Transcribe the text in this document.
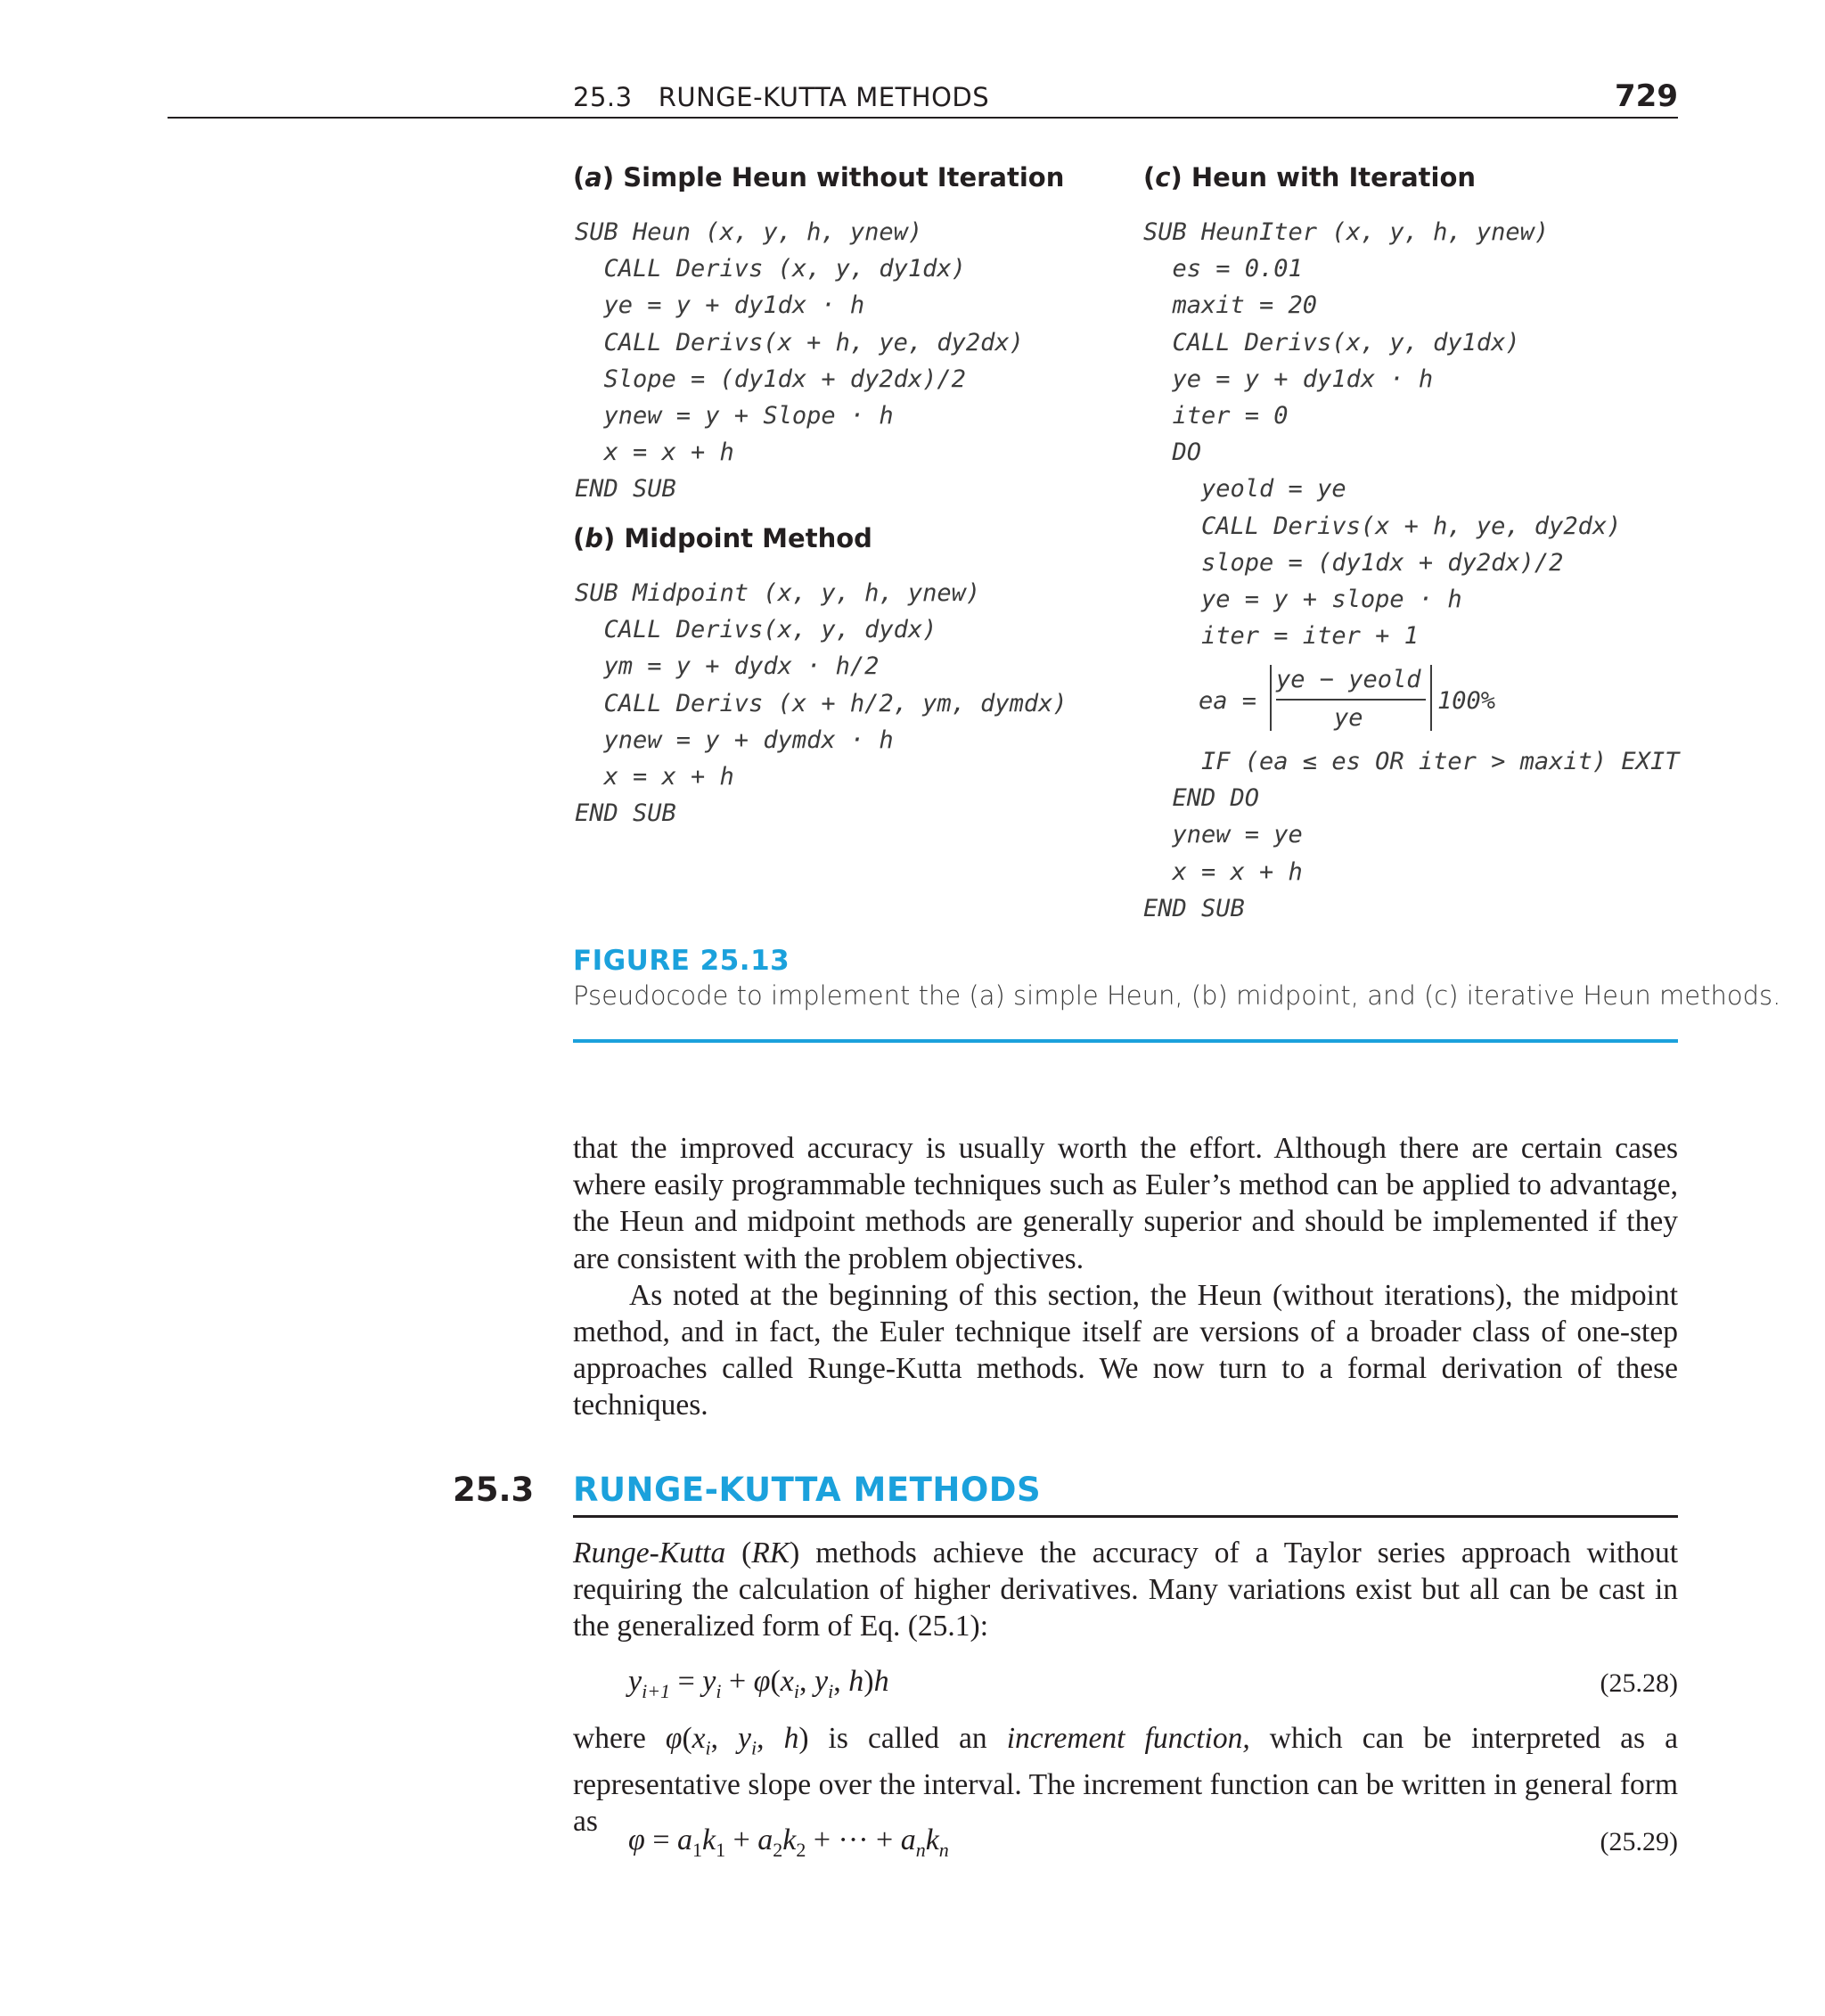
25.3   RUNGE-KUTTA METHODS	729
(a) Simple Heun without Iteration
SUB Heun (x, y, h, ynew)
CALL Derivs (x, y, dy1dx)
ye = y + dy1dx · h
CALL Derivs(x + h, ye, dy2dx)
Slope = (dy1dx + dy2dx)/2
ynew = y + Slope · h
x = x + h
END SUB
(b) Midpoint Method
SUB Midpoint (x, y, h, ynew)
CALL Derivs(x, y, dydx)
ym = y + dydx · h/2
CALL Derivs (x + h/2, ym, dymdx)
ynew = y + dymdx · h
x = x + h
END SUB
(c) Heun with Iteration
SUB HeunIter (x, y, h, ynew)
es = 0.01
maxit = 20
CALL Derivs(x, y, dy1dx)
ye = y + dy1dx · h
iter = 0
DO
yeold = ye
CALL Derivs(x + h, ye, dy2dx)
slope = (dy1dx + dy2dx)/2
ye = y + slope · h
iter = iter + 1
ea =
ye − yeold
ye
100%
IF (ea ≤ es OR iter > maxit) EXIT
END DO
ynew = ye
x = x + h
END SUB
FIGURE 25.13
Pseudocode to implement the (a) simple Heun, (b) midpoint, and (c) iterative Heun methods.

that the improved accuracy is usually worth the effort. Although there are certain cases where easily programmable techniques such as Euler’s method can be applied to advantage, the Heun and midpoint methods are generally superior and should be implemented if they are consistent with the problem objectives.

As noted at the beginning of this section, the Heun (without iterations), the midpoint method, and in fact, the Euler technique itself are versions of a broader class of one-step approaches called Runge-Kutta methods. We now turn to a formal derivation of these techniques.

25.3 RUNGE-KUTTA METHODS

Runge-Kutta (RK) methods achieve the accuracy of a Taylor series approach without requiring the calculation of higher derivatives. Many variations exist but all can be cast in the generalized form of Eq. (25.1):

$y_{i+1} = y_i + \varphi(x_i$, $y_i$, h)h	(25.28)

where $\varphi(x_i$, $y_i$, h) is called an increment function, which can be interpreted as a representative slope over the interval. The increment function can be written in general form as

$\varphi = a_1k_1 + a_2k_2$ + ··· + $a_nk_n$	(25.29)
